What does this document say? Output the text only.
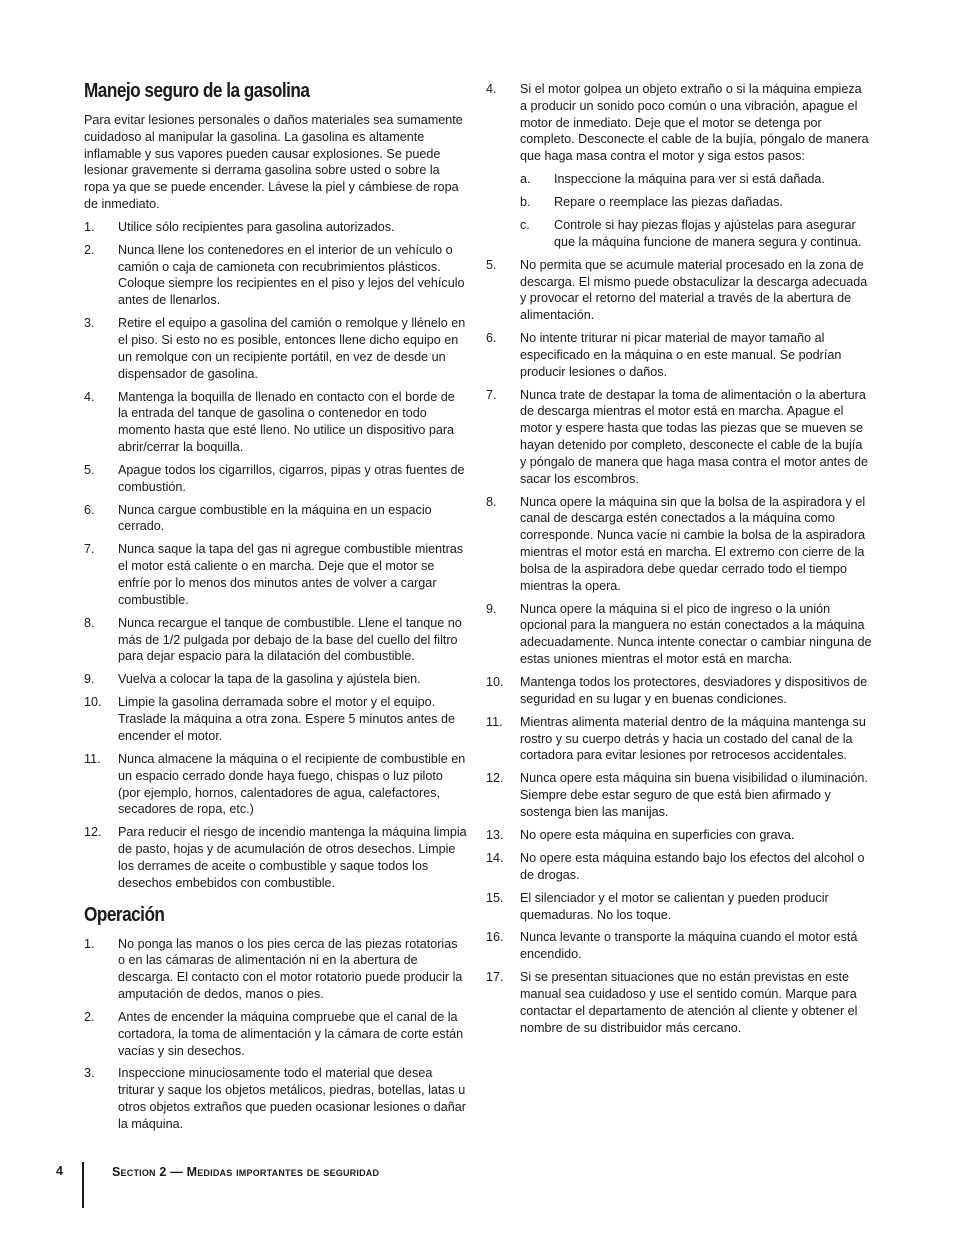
Manejo seguro de la gasolina

Para evitar lesiones personales o daños materiales sea sumamente cuidadoso al manipular la gasolina. La gasolina es altamente inflamable y sus vapores pueden causar explosiones. Se puede lesionar gravemente si derrama gasolina sobre usted o sobre la ropa ya que se puede encender. Lávese la piel y cámbiese de ropa de inmediato.

1. Utilice sólo recipientes para gasolina autorizados.
2. Nunca llene los contenedores en el interior de un vehículo o camión o caja de camioneta con recubrimientos plásticos. Coloque siempre los recipientes en el piso y lejos del vehículo antes de llenarlos.
3. Retire el equipo a gasolina del camión o remolque y llénelo en el piso. Si esto no es posible, entonces llene dicho equipo en un remolque con un recipiente portátil, en vez de desde un dispensador de gasolina.
4. Mantenga la boquilla de llenado en contacto con el borde de la entrada del tanque de gasolina o contenedor en todo momento hasta que esté lleno. No utilice un dispositivo para abrir/cerrar la boquilla.
5. Apague todos los cigarrillos, cigarros, pipas y otras fuentes de combustión.
6. Nunca cargue combustible en la máquina en un espacio cerrado.
7. Nunca saque la tapa del gas ni agregue combustible mientras el motor está caliente o en marcha. Deje que el motor se enfríe por lo menos dos minutos antes de volver a cargar combustible.
8. Nunca recargue el tanque de combustible. Llene el tanque no más de 1/2 pulgada por debajo de la base del cuello del filtro para dejar espacio para la dilatación del combustible.
9. Vuelva a colocar la tapa de la gasolina y ajústela bien.
10. Limpie la gasolina derramada sobre el motor y el equipo. Traslade la máquina a otra zona. Espere 5 minutos antes de encender el motor.
11. Nunca almacene la máquina o el recipiente de combustible en un espacio cerrado donde haya fuego, chispas o luz piloto (por ejemplo, hornos, calentadores de agua, calefactores, secadores de ropa, etc.)
12. Para reducir el riesgo de incendio mantenga la máquina limpia de pasto, hojas y de acumulación de otros desechos. Limpie los derrames de aceite o combustible y saque todos los desechos embebidos con combustible.
Operación
1. No ponga las manos o los pies cerca de las piezas rotatorias o en las cámaras de alimentación ni en la abertura de descarga. El contacto con el motor rotatorio puede producir la amputación de dedos, manos o pies.
2. Antes de encender la máquina compruebe que el canal de la cortadora, la toma de alimentación y la cámara de corte están vacías y sin desechos.
3. Inspeccione minuciosamente todo el material que desea triturar y saque los objetos metálicos, piedras, botellas, latas u otros objetos extraños que pueden ocasionar lesiones o dañar la máquina.
4. Si el motor golpea un objeto extraño o si la máquina empieza a producir un sonido poco común o una vibración, apague el motor de inmediato. Deje que el motor se detenga por completo. Desconecte el cable de la bujía, póngalo de manera que haga masa contra el motor y siga estos pasos:
a. Inspeccione la máquina para ver si está dañada.
b. Repare o reemplace las piezas dañadas.
c. Controle si hay piezas flojas y ajústelas para asegurar que la máquina funcione de manera segura y continua.
5. No permita que se acumule material procesado en la zona de descarga. El mismo puede obstaculizar la descarga adecuada y provocar el retorno del material a través de la abertura de alimentación.
6. No intente triturar ni picar material de mayor tamaño al especificado en la máquina o en este manual. Se podrían producir lesiones o daños.
7. Nunca trate de destapar la toma de alimentación o la abertura de descarga mientras el motor está en marcha. Apague el motor y espere hasta que todas las piezas que se mueven se hayan detenido por completo, desconecte el cable de la bujía y póngalo de manera que haga masa contra el motor antes de sacar los escombros.
8. Nunca opere la máquina sin que la bolsa de la aspiradora y el canal de descarga estén conectados a la máquina como corresponde. Nunca vacíe ni cambie la bolsa de la aspiradora mientras el motor está en marcha. El extremo con cierre de la bolsa de la aspiradora debe quedar cerrado todo el tiempo mientras la opera.
9. Nunca opere la máquina si el pico de ingreso o la unión opcional para la manguera no están conectados a la máquina adecuadamente. Nunca intente conectar o cambiar ninguna de estas uniones mientras el motor está en marcha.
10. Mantenga todos los protectores, desviadores y dispositivos de seguridad en su lugar y en buenas condiciones.
11. Mientras alimenta material dentro de la máquina mantenga su rostro y su cuerpo detrás y hacia un costado del canal de la cortadora para evitar lesiones por retrocesos accidentales.
12. Nunca opere esta máquina sin buena visibilidad o iluminación. Siempre debe estar seguro de que está bien afirmado y sostenga bien las manijas.
13. No opere esta máquina en superficies con grava.
14. No opere esta máquina estando bajo los efectos del alcohol o de drogas.
15. El silenciador y el motor se calientan y pueden producir quemaduras. No los toque.
16. Nunca levante o transporte la máquina cuando el motor está encendido.
17. Si se presentan situaciones que no están previstas en este manual sea cuidadoso y use el sentido común. Marque para contactar el departamento de atención al cliente y obtener el nombre de su distribuidor más cercano.
4	Section 2 — Medidas importantes de seguridad
